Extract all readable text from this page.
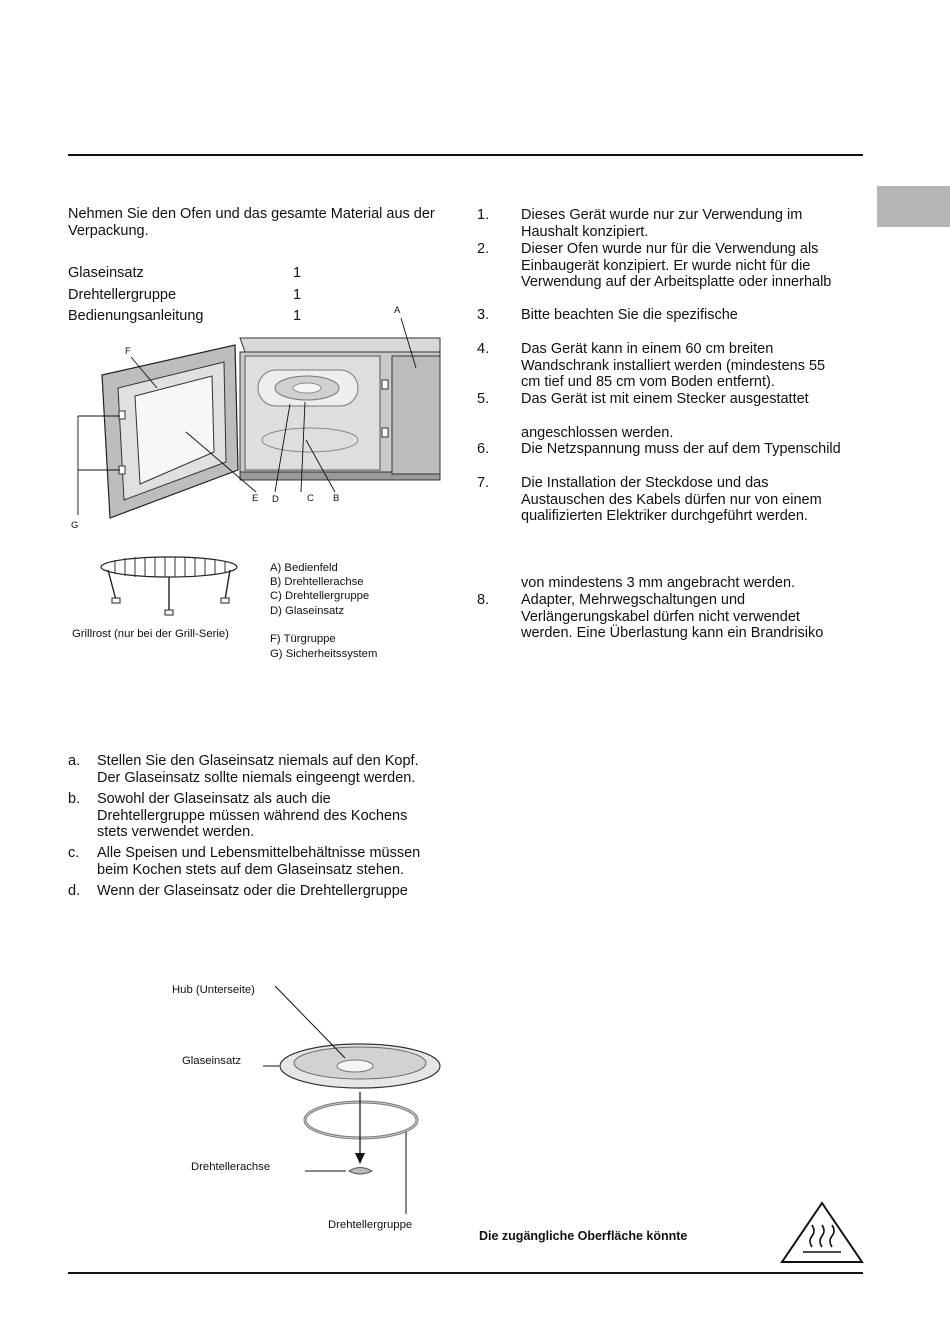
Nehmen Sie den Ofen und das gesamte Material aus der Verpackung.
Glaseinsatz	1
Drehtellergruppe	1
Bedienungsanleitung	1	A
F
E D	C B
G
A) Bedienfeld
B) Drehtellerachse
C) Drehtellergruppe
D) Glaseinsatz
F) Türgruppe
G) Sicherheitssystem
Grillrost (nur bei der Grill-Serie)
a. Stellen Sie den Glaseinsatz niemals auf den Kopf.
Der Glaseinsatz sollte niemals eingeengt werden.
b. Sowohl der Glaseinsatz als auch die
Drehtellergruppe müssen während des Kochens
stets verwendet werden.
c. Alle Speisen und Lebensmittelbehältnisse müssen
beim Kochen stets auf dem Glaseinsatz stehen.
d. Wenn der Glaseinsatz oder die Drehtellergruppe
Hub (Unterseite)
Glaseinsatz
Drehtellerachse
Drehtellergruppe
1. Dieses Gerät wurde nur zur Verwendung im
Haushalt konzipiert.
2. Dieser Ofen wurde nur für die Verwendung als
Einbaugerät konzipiert. Er wurde nicht für die
Verwendung auf der Arbeitsplatte oder innerhalb
3. Bitte beachten Sie die spezifische
4. Das Gerät kann in einem 60 cm breiten
Wandschrank installiert werden (mindestens 55
cm tief und 85 cm vom Boden entfernt).
5. Das Gerät ist mit einem Stecker ausgestattet
angeschlossen werden.
6. Die Netzspannung muss der auf dem Typenschild
7. Die Installation der Steckdose und das
Austauschen des Kabels dürfen nur von einem
qualifizierten Elektriker durchgeführt werden.
von mindestens 3 mm angebracht werden.
8. Adapter, Mehrwegschaltungen und
Verlängerungskabel dürfen nicht verwendet
werden. Eine Überlastung kann ein Brandrisiko
Die zugängliche Oberfläche könnte
